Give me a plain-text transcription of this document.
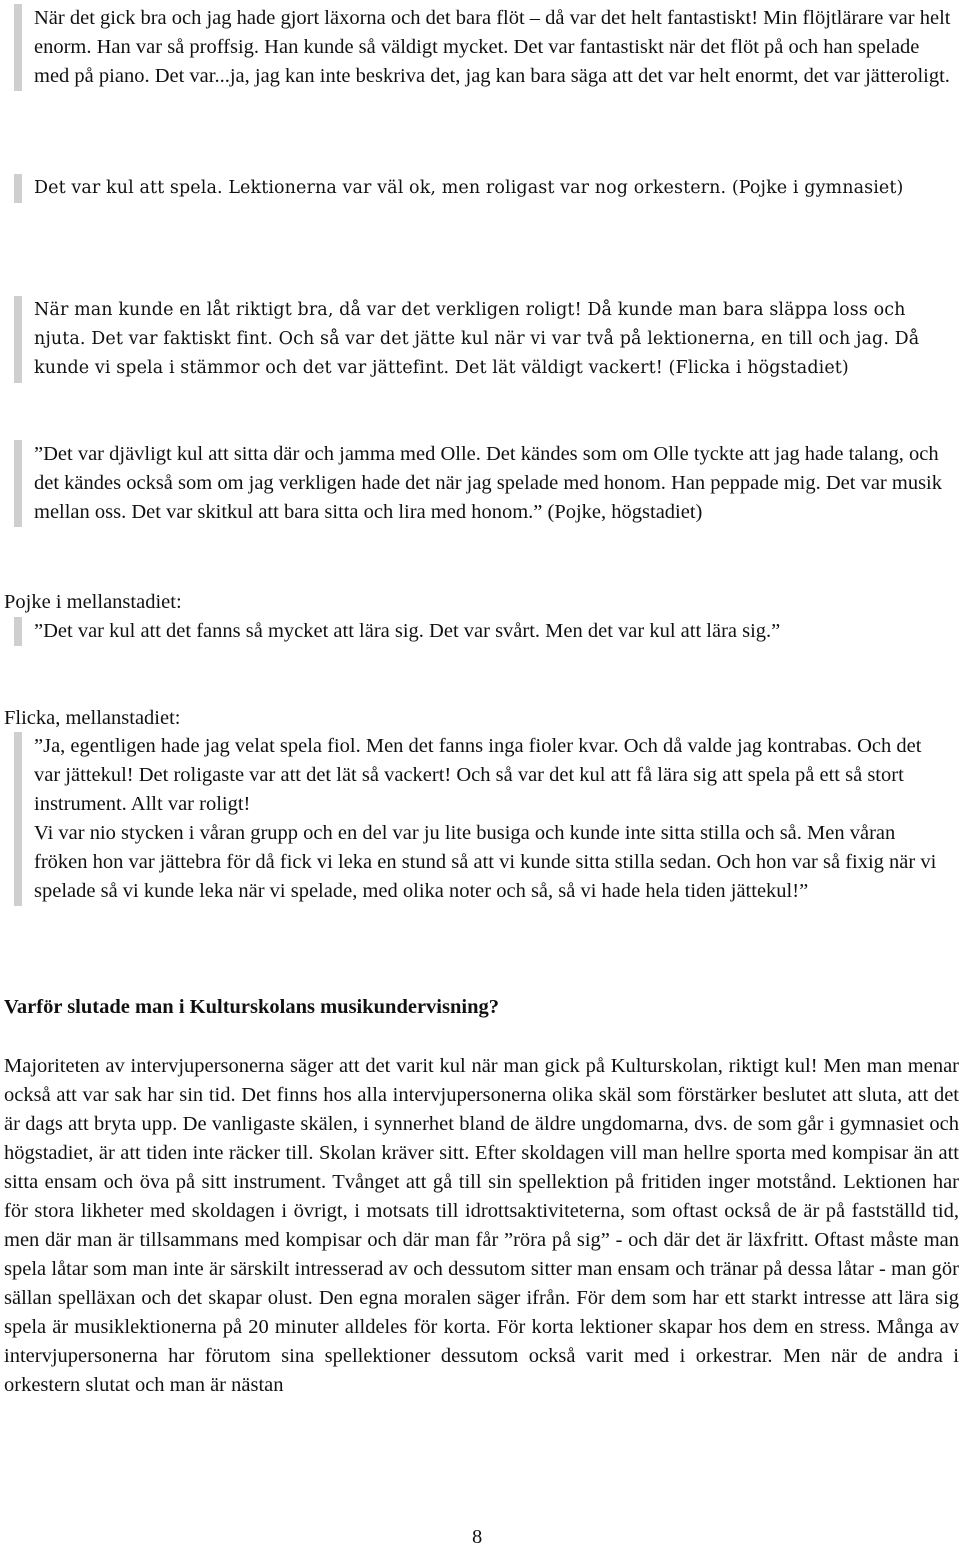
När det gick bra och jag hade gjort läxorna och det bara flöt – då var det helt fantastiskt! Min flöjtlärare var helt enorm. Han var så proffsig. Han kunde så väldigt mycket. Det var fantastiskt när det flöt på och han spelade med på piano. Det var...ja, jag kan inte beskriva det, jag kan bara säga att det var helt enormt, det var jätteroligt.

Det var kul att spela. Lektionerna var väl ok, men roligast var nog orkestern. (Pojke i gymnasiet)

När man kunde en låt riktigt bra, då var det verkligen roligt! Då kunde man bara släppa loss och njuta. Det var faktiskt fint. Och så var det jätte kul när vi var två på lektionerna, en till och jag. Då kunde vi spela i stämmor och det var jättefint. Det lät väldigt vackert! (Flicka i högstadiet)

”Det var djävligt kul att sitta där och jamma med Olle. Det kändes som om Olle tyckte att jag hade talang, och det kändes också som om jag verkligen hade det när jag spelade med honom. Han peppade mig. Det var musik mellan oss. Det var skitkul att bara sitta och lira med honom.” (Pojke, högstadiet)

Pojke i mellanstadiet:

”Det var kul att det fanns så mycket att lära sig. Det var svårt. Men det var kul att lära sig.”

Flicka, mellanstadiet:

”Ja, egentligen hade jag velat spela fiol. Men det fanns inga fioler kvar. Och då valde jag kontrabas. Och det var jättekul! Det roligaste var att det lät så vackert! Och så var det kul att få lära sig att spela på ett så stort instrument. Allt var roligt!

Vi var nio stycken i våran grupp och en del var ju lite busiga och kunde inte sitta stilla och så. Men våran fröken hon var jättebra för då fick vi leka en stund så att vi kunde sitta stilla sedan. Och hon var så fixig när vi spelade så vi kunde leka när vi spelade, med olika noter och så, så vi hade hela tiden jättekul!”

Varför slutade man i Kulturskolans musikundervisning?

Majoriteten av intervjupersonerna säger att det varit kul när man gick på Kulturskolan, riktigt kul! Men man menar också att var sak har sin tid. Det finns hos alla intervjupersonerna olika skäl som förstärker beslutet att sluta, att det är dags att bryta upp. De vanligaste skälen, i synnerhet bland de äldre ungdomarna, dvs. de som går i gymnasiet och högstadiet, är att tiden inte räcker till. Skolan kräver sitt. Efter skoldagen vill man hellre sporta med kompisar än att sitta ensam och öva på sitt instrument. Tvånget att gå till sin spellektion på fritiden inger motstånd. Lektionen har för stora likheter med skoldagen i övrigt, i motsats till idrottsaktiviteterna, som oftast också de är på fastställd tid, men där man är tillsammans med kompisar och där man får ”röra på sig” - och där det är läxfritt. Oftast måste man spela låtar som man inte är särskilt intresserad av och dessutom sitter man ensam och tränar på dessa låtar - man gör sällan spelläxan och det skapar olust. Den egna moralen säger ifrån. För dem som har ett starkt intresse att lära sig spela är musiklektionerna på 20 minuter alldeles för korta. För korta lektioner skapar hos dem en stress. Många av intervjupersonerna har förutom sina spellektioner dessutom också varit med i orkestrar. Men när de andra i orkestern slutat och man är nästan

8
